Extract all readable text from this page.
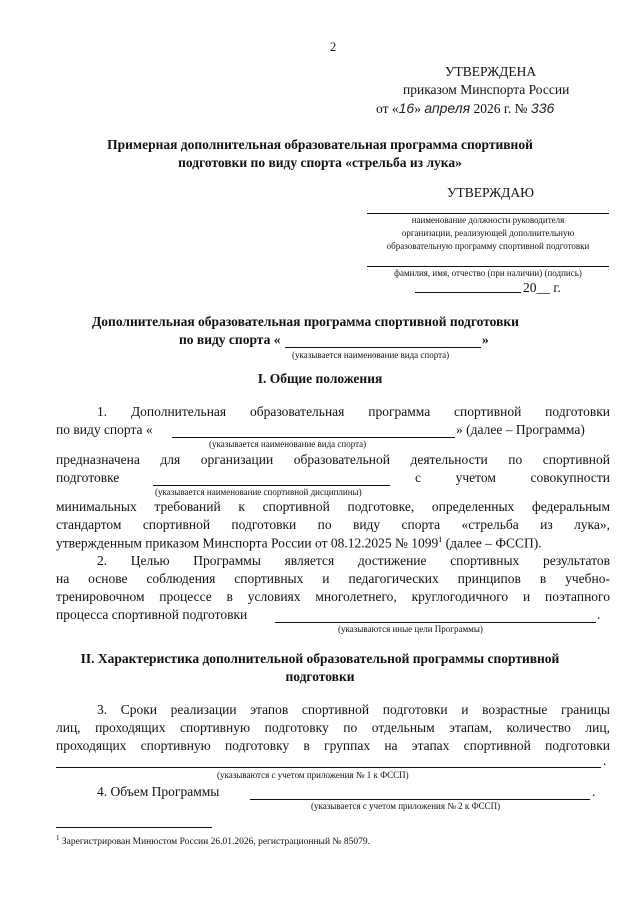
2
УТВЕРЖДЕНА
приказом Минспорта России
от «16» апреля 2026 г. № 336
Примерная дополнительная образовательная программа спортивной
подготовки по виду спорта «стрельба из лука»
УТВЕРЖДАЮ
наименование должности руководителя
организации, реализующей дополнительную
образовательную программу спортивной подготовки
фамилия, имя, отчество (при наличии) (подпись)
20__ г.
Дополнительная образовательная программа спортивной подготовки
по виду спорта «	»
(указывается наименование вида спорта)
I. Общие положения
1. Дополнительная образовательная программа спортивной подготовки
по виду спорта «	» (далее – Программа)
(указывается наименование вида спорта)
предназначена для организации образовательной деятельности по спортивной
подготовке	с учетом совокупности
(указывается наименование спортивной дисциплины)
минимальных требований к спортивной подготовке, определенных федеральным
стандартом спортивной подготовки по виду спорта «стрельба из лука»,
утвержденным приказом Минспорта России от 08.12.2025 № 1099$^1$ (далее – ФССП).
2. Целью Программы является достижение спортивных результатов
на основе соблюдения спортивных и педагогических принципов в учебно-
тренировочном процессе в условиях многолетнего, круглогодичного и поэтапного
процесса спортивной подготовки	.
(указываются иные цели Программы)
II. Характеристика дополнительной образовательной программы спортивной
подготовки
3. Сроки реализации этапов спортивной подготовки и возрастные границы
лиц, проходящих спортивную подготовку по отдельным этапам, количество лиц,
проходящих спортивную подготовку в группах на этапах спортивной подготовки
.
(указываются с учетом приложения № 1 к ФССП)
4. Объем Программы	.
(указывается с учетом приложения № 2 к ФССП)
$^1$ Зарегистрирован Минюстом России 26.01.2026, регистрационный № 85079.
